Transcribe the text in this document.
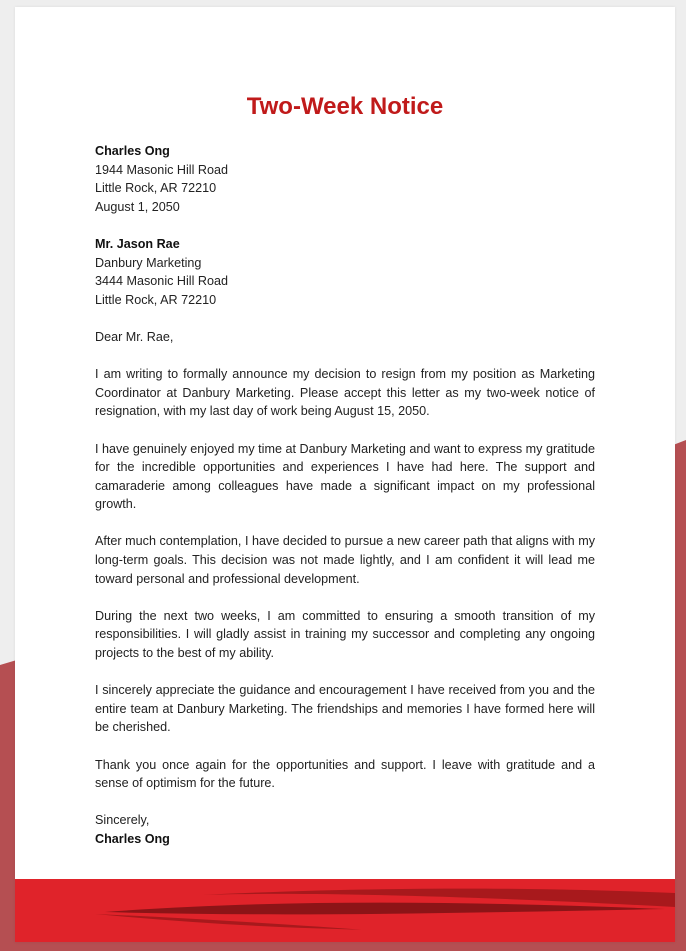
Two-Week Notice
Charles Ong
1944 Masonic Hill Road
Little Rock, AR 72210
August 1, 2050
Mr. Jason Rae
Danbury Marketing
3444 Masonic Hill Road
Little Rock, AR 72210

Dear Mr. Rae,

I am writing to formally announce my decision to resign from my position as Marketing Coordinator at Danbury Marketing. Please accept this letter as my two-week notice of resignation, with my last day of work being August 15, 2050.

I have genuinely enjoyed my time at Danbury Marketing and want to express my gratitude for the incredible opportunities and experiences I have had here. The support and camaraderie among colleagues have made a significant impact on my professional growth.

After much contemplation, I have decided to pursue a new career path that aligns with my long-term goals. This decision was not made lightly, and I am confident it will lead me toward personal and professional development.

During the next two weeks, I am committed to ensuring a smooth transition of my responsibilities. I will gladly assist in training my successor and completing any ongoing projects to the best of my ability.

I sincerely appreciate the guidance and encouragement I have received from you and the entire team at Danbury Marketing. The friendships and memories I have formed here will be cherished.

Thank you once again for the opportunities and support. I leave with gratitude and a sense of optimism for the future.

Sincerely,
Charles Ong
